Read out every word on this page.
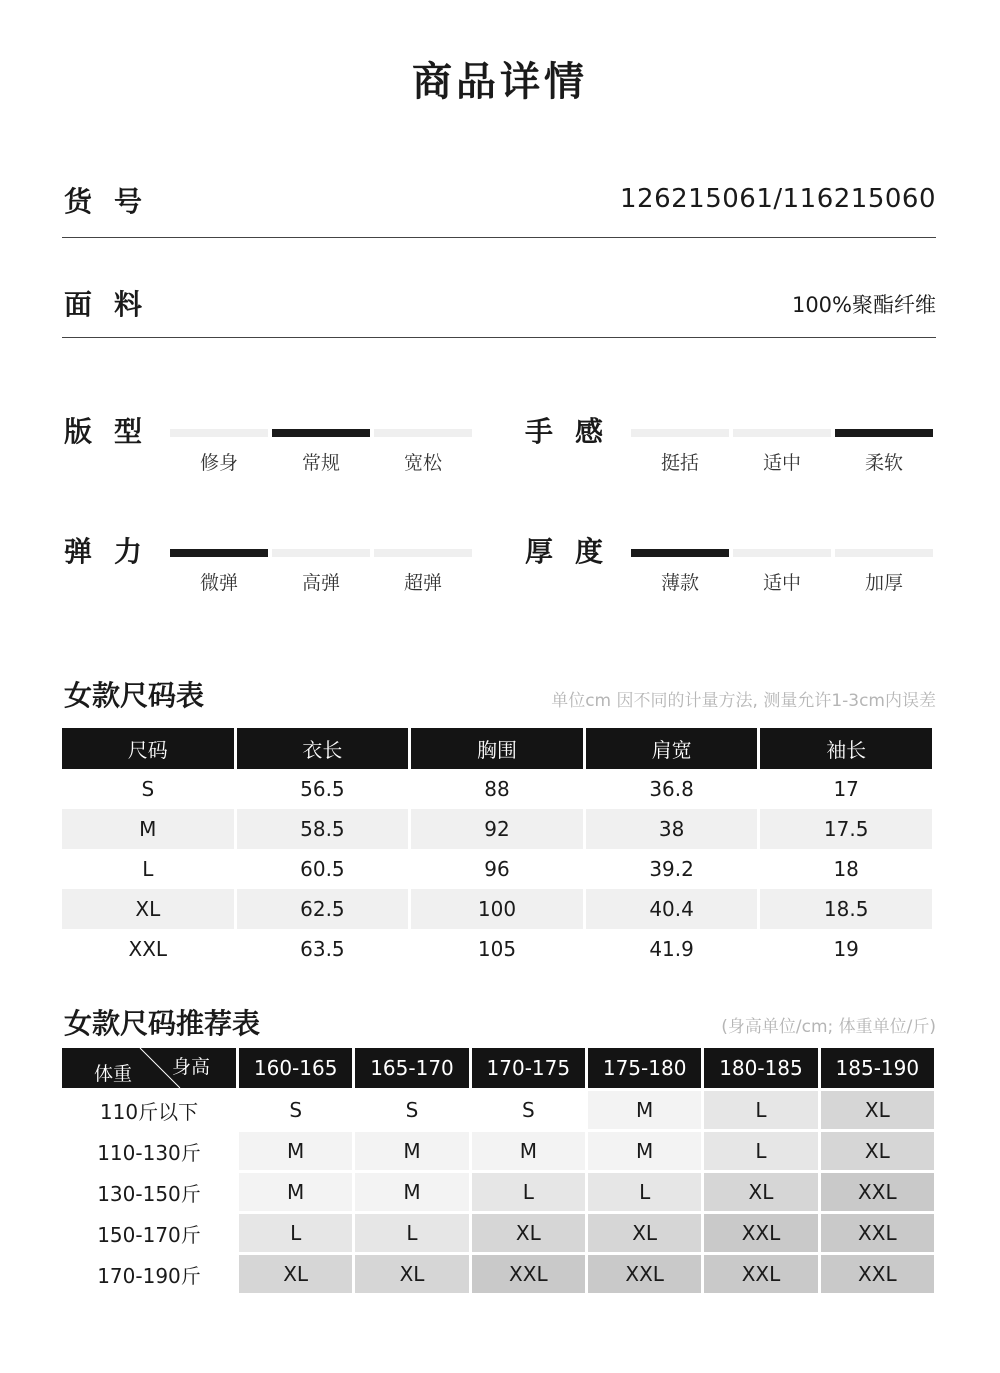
商品详情
货号	126215061/116215060
面料	100%聚酯纤维
版型
修身	常规	宽松
手感
挺括	适中	柔软
弹力
微弹	高弹	超弹
厚度
薄款	适中	加厚
女款尺码表	单位cm 因不同的计量方法, 测量允许1-3cm内误差
尺码	衣长	胸围	肩宽	袖长
S	56.5	88	36.8	17
M	58.5	92	38	17.5
L	60.5	96	39.2	18
XL	62.5	100	40.4	18.5
XXL	63.5	105	41.9	19
女款尺码推荐表	(身高单位/cm; 体重单位/斤)
身高
体重	160-165	165-170	170-175	175-180	180-185	185-190
110斤以下	S	S	S	M	L	XL
110-130斤	M	M	M	M	L	XL
130-150斤	M	M	L	L	XL	XXL
150-170斤	L	L	XL	XL	XXL	XXL
170-190斤	XL	XL	XXL	XXL	XXL	XXL
